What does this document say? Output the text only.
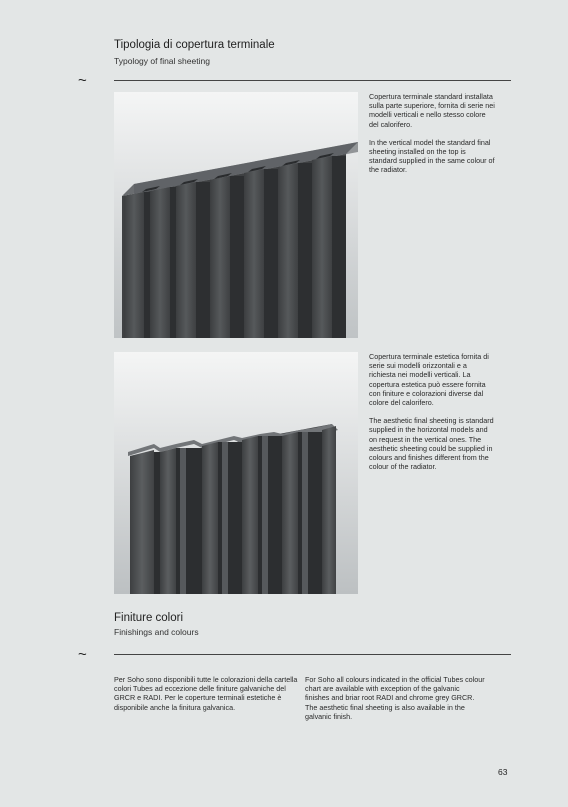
Tipologia di copertura terminale
Typology of final sheeting
~

Copertura terminale standard installata sulla parte superiore, fornita di serie nei modelli verticali e nello stesso colore del calorifero.

In the vertical model the standard final sheeting installed on the top is standard supplied in the same colour of the radiator.

Copertura terminale estetica fornita di serie sui modelli orizzontali e a richiesta nei modelli verticali. La copertura estetica può essere fornita con finiture e colorazioni diverse dal colore del calorifero.

The aesthetic final sheeting is standard supplied in the horizontal models and on request in the vertical ones. The aesthetic sheeting could be supplied in colours and finishes different from the colour of the radiator.

Finiture colori
Finishings and colours
~
Per Soho sono disponibili tutte le colorazioni della cartella colori Tubes ad eccezione delle finiture galvaniche del GRCR e RADI. Per le coperture terminali estetiche è disponibile anche la finitura galvanica.
For Soho all colours indicated in the official Tubes colour chart are available with exception of the galvanic finishes and briar root RADI and chrome grey GRCR. The aesthetic final sheeting is also available in the galvanic finish.
63
